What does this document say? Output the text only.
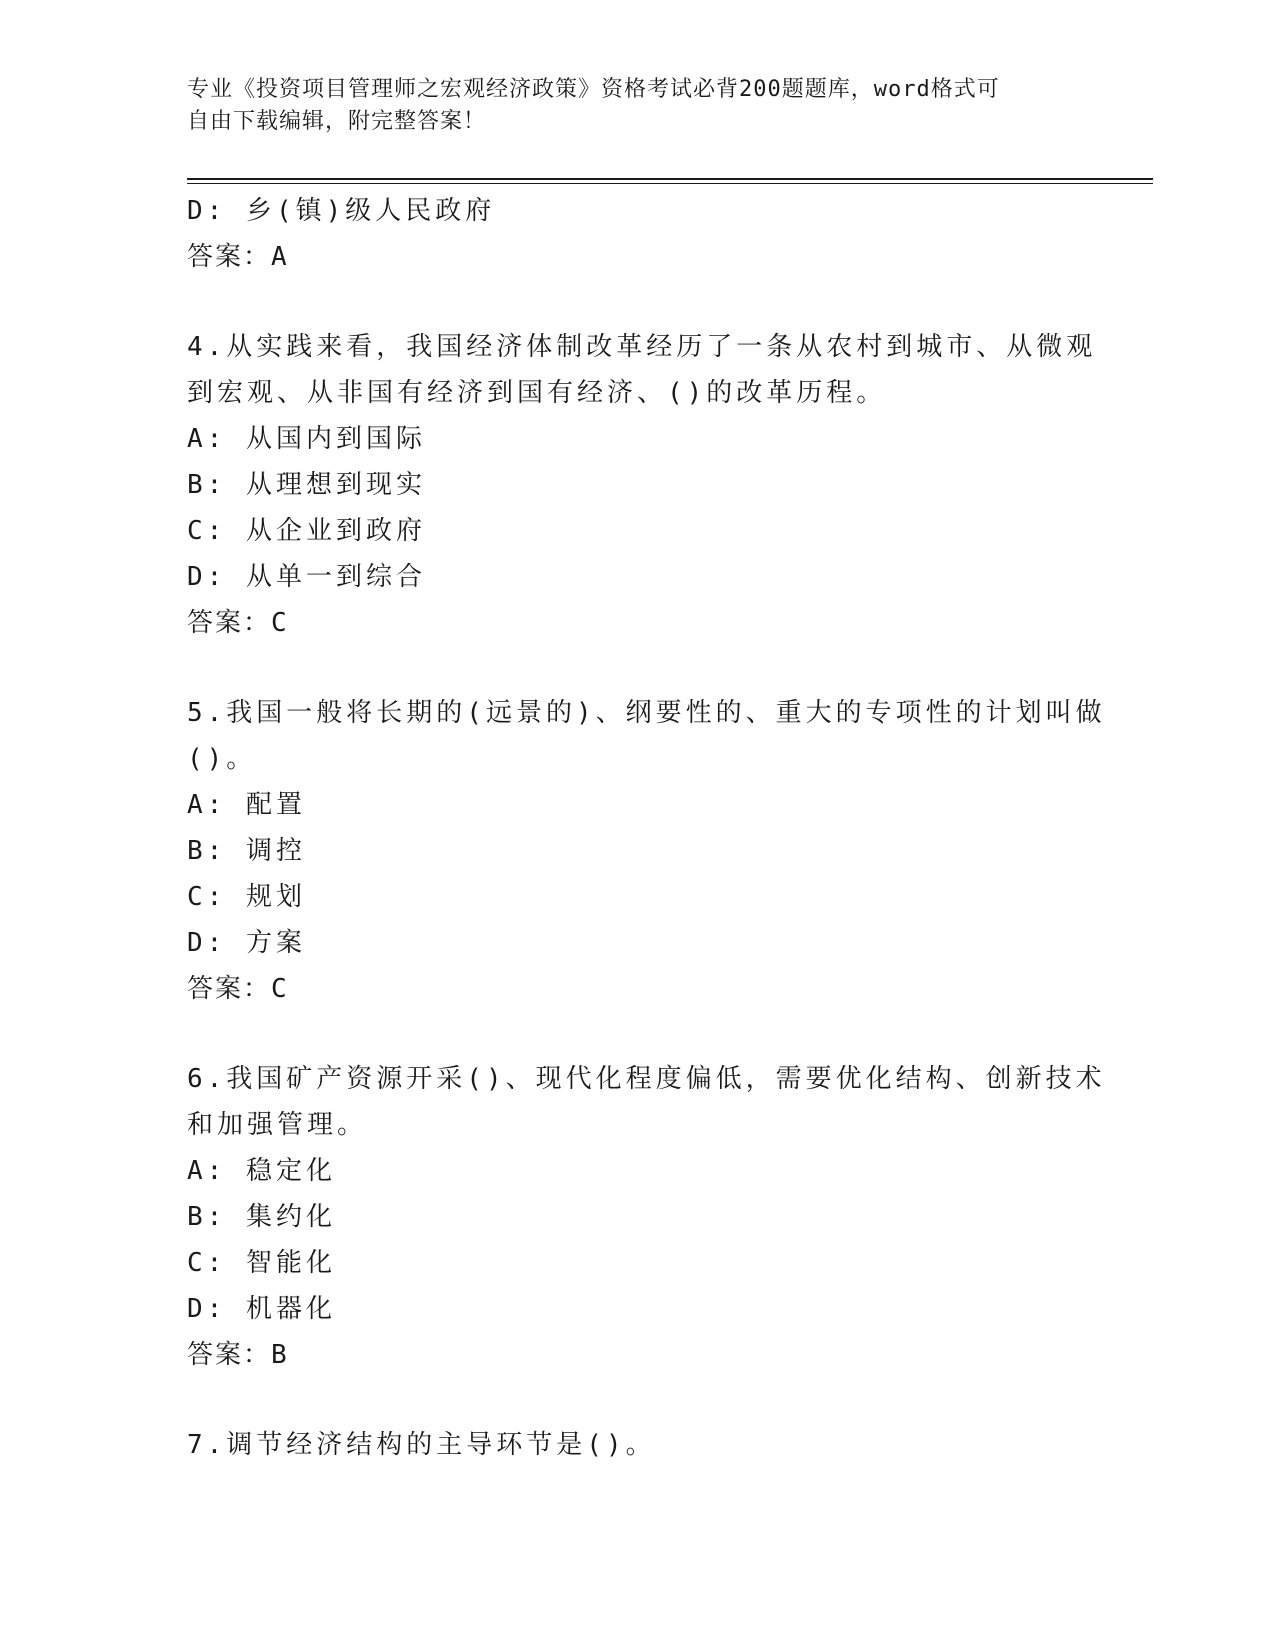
专业《投资项目管理师之宏观经济政策》资格考试必背200题题库，word格式可
自由下载编辑，附完整答案！
D: 乡(镇)级人民政府
答案：A
4.从实践来看，我国经济体制改革经历了一条从农村到城市、从微观
到宏观、从非国有经济到国有经济、()的改革历程。
A: 从国内到国际
B: 从理想到现实
C: 从企业到政府
D: 从单一到综合
答案：C
5.我国一般将长期的(远景的)、纲要性的、重大的专项性的计划叫做
()。
A: 配置
B: 调控
C: 规划
D: 方案
答案：C
6.我国矿产资源开采()、现代化程度偏低，需要优化结构、创新技术
和加强管理。
A: 稳定化
B: 集约化
C: 智能化
D: 机器化
答案：B
7.调节经济结构的主导环节是()。
